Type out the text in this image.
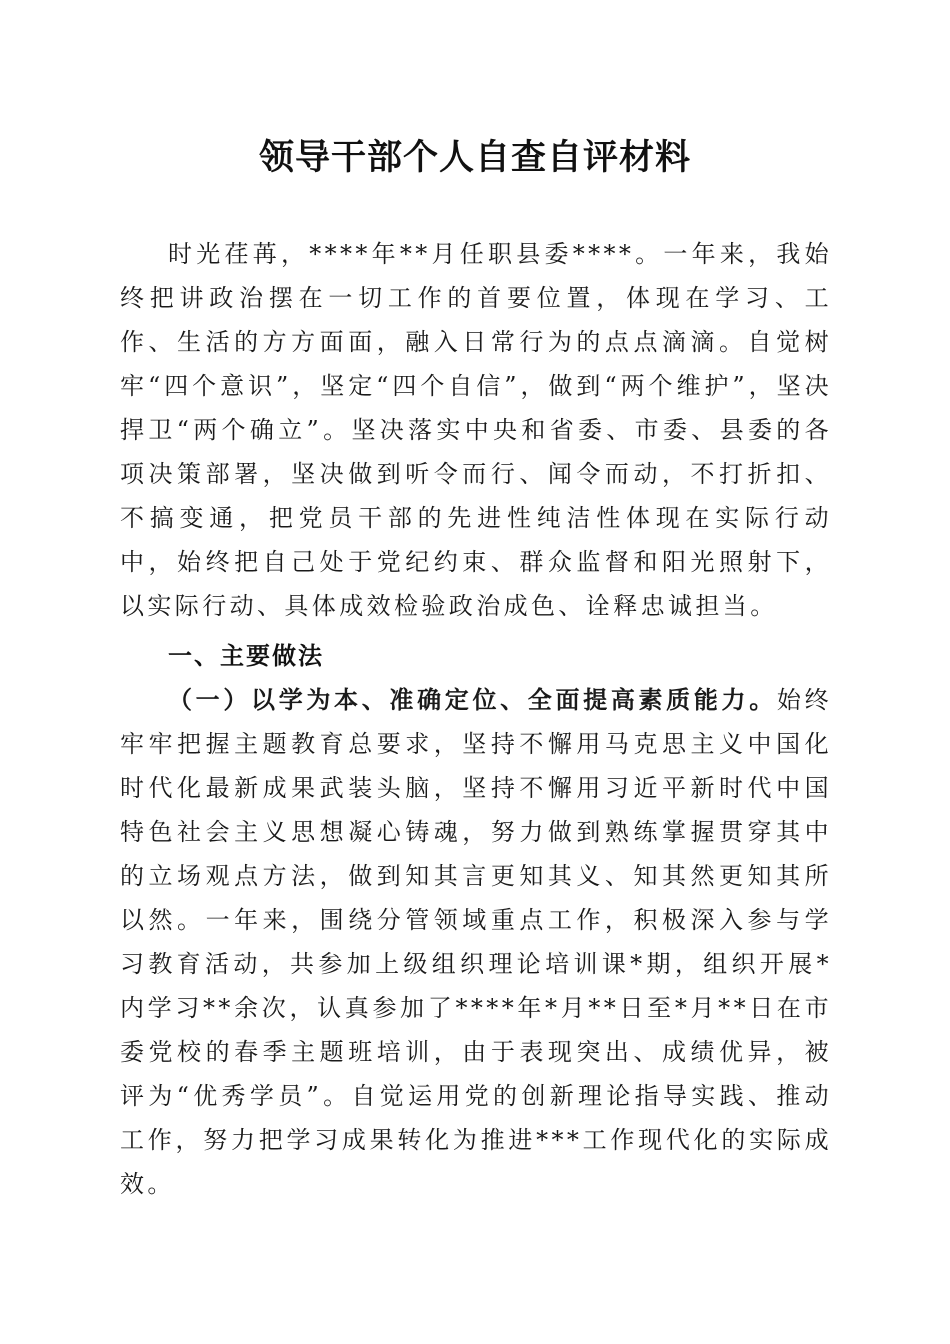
领导干部个人自查自评材料

时光荏苒，****年**月任职县委****。一年来，我始终把讲政治摆在一切工作的首要位置，体现在学习、工作、生活的方方面面，融入日常行为的点点滴滴。自觉树牢“四个意识”，坚定“四个自信”，做到“两个维护”，坚决捍卫“两个确立”。坚决落实中央和省委、市委、县委的各项决策部署，坚决做到听令而行、闻令而动，不打折扣、不搞变通，把党员干部的先进性纯洁性体现在实际行动中，始终把自己处于党纪约束、群众监督和阳光照射下，以实际行动、具体成效检验政治成色、诠释忠诚担当。

一、主要做法

（一）以学为本、准确定位、全面提高素质能力。始终牢牢把握主题教育总要求，坚持不懈用马克思主义中国化时代化最新成果武装头脑，坚持不懈用习近平新时代中国特色社会主义思想凝心铸魂，努力做到熟练掌握贯穿其中的立场观点方法，做到知其言更知其义、知其然更知其所以然。一年来，围绕分管领域重点工作，积极深入参与学习教育活动，共参加上级组织理论培训课*期，组织开展*内学习**余次，认真参加了****年*月**日至*月**日在市委党校的春季主题班培训，由于表现突出、成绩优异，被评为“优秀学员”。自觉运用党的创新理论指导实践、推动工作，努力把学习成果转化为推进***工作现代化的实际成效。
